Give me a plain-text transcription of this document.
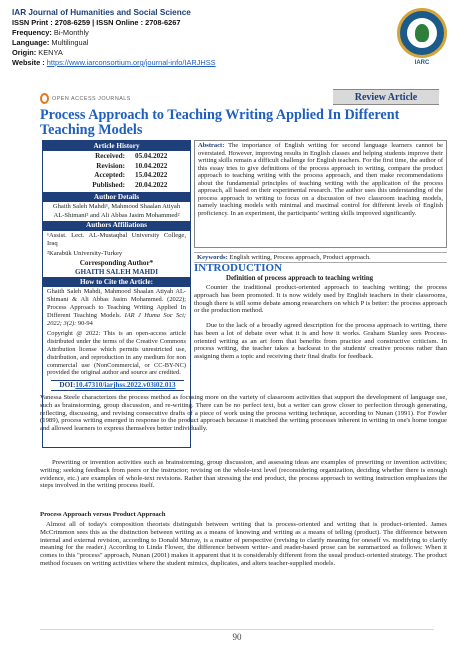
IAR Journal of Humanities and Social Science
ISSN Print : 2708-6259 | ISSN Online : 2708-6267
Frequency: Bi-Monthly
Language: Multilingual
Origin: KENYA
Website : https://www.iarconsortium.org/journal-info/IARJHSS	IARC
OPEN ACCESS JOURNALS	Review Article
Process Approach to Teaching Writing Applied In Different Teaching Models
Article History
Received: 05.04.2022
Revision: 10.04.2022
Accepted: 15.04.2022
Published: 20.04.2022
Author Details
Ghaith Saleh Mahdi¹, Mahmood Shaalan Atiyah AL-Shimani² and Ali Abbas Jasim Mohammed²
Authors Affiliations
¹Assist. Lect. AL-Mustaqbal University College, Iraq
²Karabük University-Turkey
Corresponding Author*
GHAITH SALEH MAHDI
How to Cite the Article:
Ghaith Saleh Mahdi, Mahmood Shaalan Atiyah AL-Shimani & Ali Abbas Jasim Mohammed. (2022); Process Approach to Teaching Writing Applied In Different Teaching Models. IAR J Huma Soc Sci; 2022; 3(2): 90-94
Copyright @ 2022: This is an open-access article distributed under the terms of the Creative Commons Attribution license which permits unrestricted use, distribution, and reproduction in any medium for non commercial use (NonCommercial, or CC-BY-NC) provided the original author and source are credited.
DOI:10.47310/iarjhss.2022.v03i02.013
Abstract: The importance of English writing for second language learners cannot be overstated. However, improving results in English classes and helping students improve their writing skills remain a difficult challenge for English teachers. For the first time, the author of this essay tries to give definitions of the process approach to writing, compare the product approach to teaching writing with the process approach, and then make recommendations about the fundamental principles of teaching writing with the application of the process approach, all based on their experimental research. The author uses this understanding of the process approach to writing to focus on a discussion of two classroom teaching models, namely teaching models with minimal and maximal control for different levels of English proficiency. In an experiment, the participants' writing skills improved significantly.
Keywords: English writing, Process approach, Product approach.
INTRODUCTION
Definition of process approach to teaching writing
Counter the traditional product-oriented approach to teaching writing; the process approach has been promoted. It is now widely used by English teachers in their classrooms, though there is still some debate among researchers on which P is better: the process approach or the production method.
Due to the lack of a broadly agreed description for the process approach to writing, there has been a lot of debate over what it is and how it works. Graham Stanley sees Process-oriented writing as an art form that benefits from practice and constructive criticism. In process writing, the teacher takes a backseat to the students' creative process rather than assigning them a topic and receiving their final drafts for feedback.
Vanessa Steele characterizes the process method as focusing more on the variety of classroom activities that support the development of language use, such as brainstorming, group discussion, and re-writing. There can be no perfect text, but a writer can grow closer to perfection through generating, reflecting, discussing, and revising consecutive drafts of a piece of work using the process writing technique, according to Nunan (1991). For Fowler (1989), process writing emerged in response to the product approach because it matched the writing processes inherent in writing in one's home tongue and allowed learners to express themselves better individually.
Prewriting or invention activities such as brainstorming, group discussion, and assessing ideas are examples of prewriting or invention activities; writing; seeking feedback from peers or the instructor; revising on the whole-text level (reconsidering organization, deciding whether there is enough evidence, etc.) are examples of whole-text revisions. Rather than stressing the end product, the process approach to writing instruction emphasizes the steps involved in the writing process itself.
Process Approach versus Product Approach
Almost all of today's composition theorists distinguish between writing that is process-oriented and writing that is product-oriented. James McCrimmon sees this as the distinction between writing as a means of knowing and writing as a means of telling (product). The difference between internal and external revision, according to Donald Murray, is a matter of perspective (revising to clarify meaning for oneself vs. modifying to clarify meaning for the reader.) According to Linda Flower, the difference between writer- and reader-based prose can be summarized as follows: When it comes to this "process" approach, Nunan (2001) makes it apparent that it is considerably different from the usual product-oriented strategy. The product method focuses on writing activities where the student mimics, duplicates, and alters teacher-supplied models.
90
